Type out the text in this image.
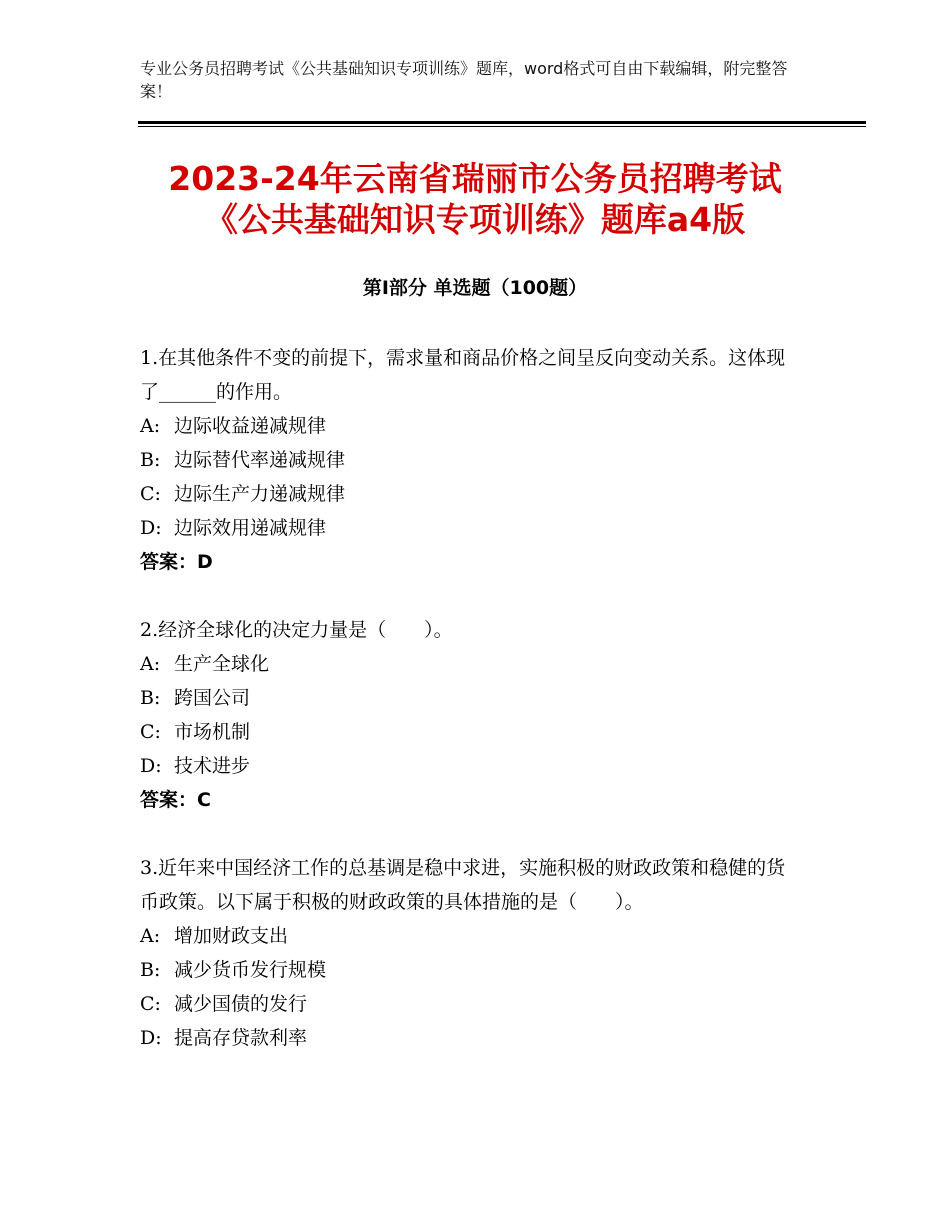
专业公务员招聘考试《公共基础知识专项训练》题库，word格式可自由下载编辑，附完整答案！
2023-24年云南省瑞丽市公务员招聘考试
《公共基础知识专项训练》题库a4版
第Ⅰ部分 单选题（100题）
1.在其他条件不变的前提下，需求量和商品价格之间呈反向变动关系。这体现了______的作用。
A: 边际收益递减规律
B: 边际替代率递减规律
C: 边际生产力递减规律
D: 边际效用递减规律
答案：D
2.经济全球化的决定力量是（　　）。
A: 生产全球化
B: 跨国公司
C: 市场机制
D: 技术进步
答案：C
3.近年来中国经济工作的总基调是稳中求进，实施积极的财政政策和稳健的货币政策。以下属于积极的财政政策的具体措施的是（　　）。
A: 增加财政支出
B: 减少货币发行规模
C: 减少国债的发行
D: 提高存贷款利率
